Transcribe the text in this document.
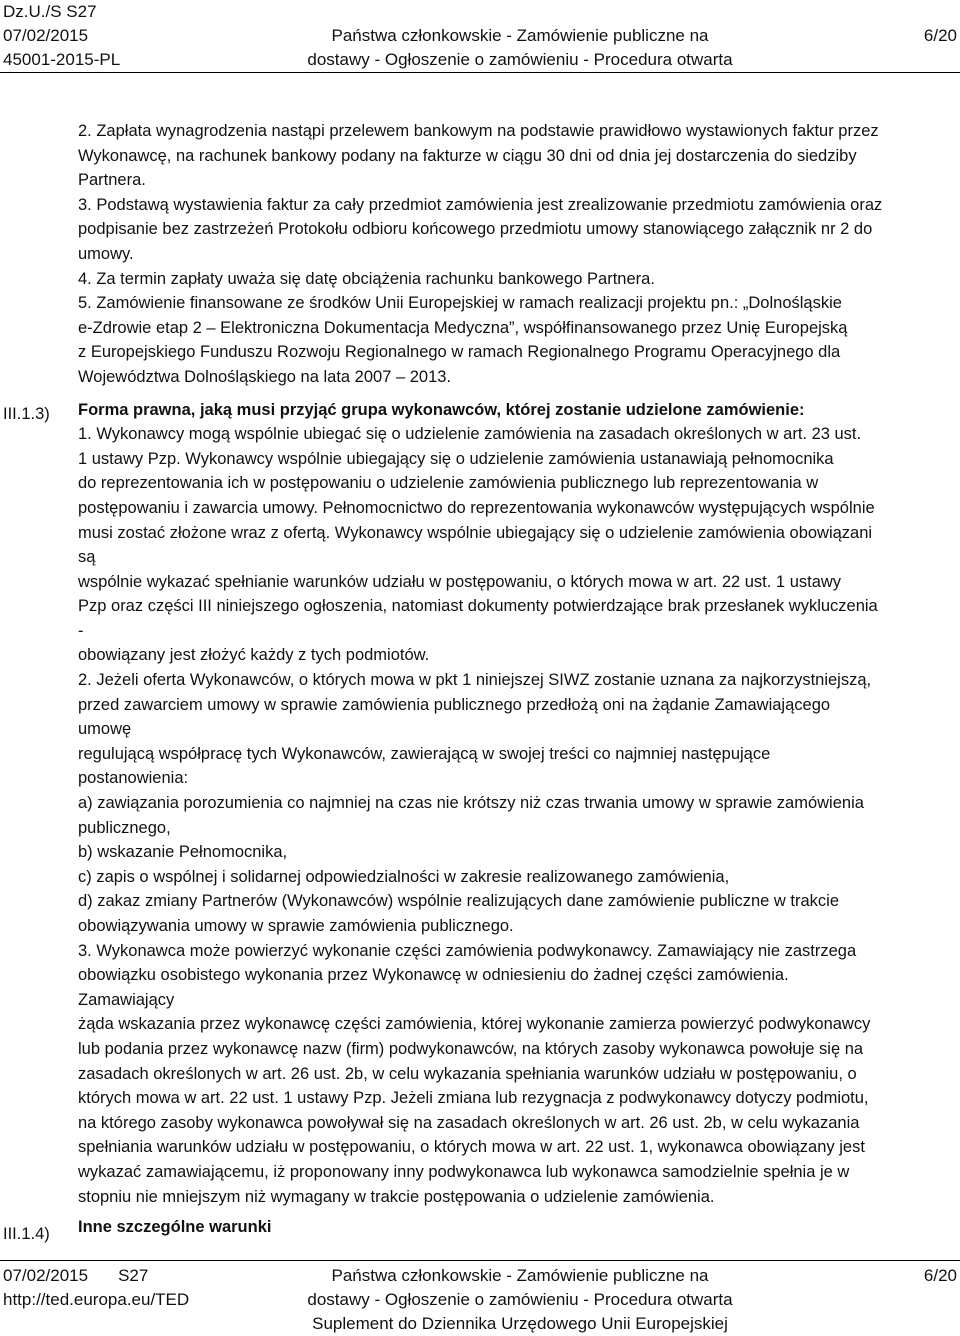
Dz.U./S S27
07/02/2015
45001-2015-PL
Państwa członkowskie - Zamówienie publiczne na
dostawy - Ogłoszenie o zamówieniu - Procedura otwarta
6/20
III.1.3)
III.1.4)

2. Zapłata wynagrodzenia nastąpi przelewem bankowym na podstawie prawidłowo wystawionych faktur przez

Wykonawcę, na rachunek bankowy podany na fakturze w ciągu 30 dni od dnia jej dostarczenia do siedziby

Partnera.

3. Podstawą wystawienia faktur za cały przedmiot zamówienia jest zrealizowanie przedmiotu zamówienia oraz

podpisanie bez zastrzeżeń Protokołu odbioru końcowego przedmiotu umowy stanowiącego załącznik nr 2 do

umowy.

4. Za termin zapłaty uważa się datę obciążenia rachunku bankowego Partnera.

5. Zamówienie finansowane ze środków Unii Europejskiej w ramach realizacji projektu pn.: „Dolnośląskie

e-Zdrowie etap 2 – Elektroniczna Dokumentacja Medyczna”, współfinansowanego przez Unię Europejską

z Europejskiego Funduszu Rozwoju Regionalnego w ramach Regionalnego Programu Operacyjnego dla

Województwa Dolnośląskiego na lata 2007 – 2013.

Forma prawna, jaką musi przyjąć grupa wykonawców, której zostanie udzielone zamówienie:

1. Wykonawcy mogą wspólnie ubiegać się o udzielenie zamówienia na zasadach określonych w art. 23 ust.

1 ustawy Pzp. Wykonawcy wspólnie ubiegający się o udzielenie zamówienia ustanawiają pełnomocnika

do reprezentowania ich w postępowaniu o udzielenie zamówienia publicznego lub reprezentowania w

postępowaniu i zawarcia umowy. Pełnomocnictwo do reprezentowania wykonawców występujących wspólnie

musi zostać złożone wraz z ofertą. Wykonawcy wspólnie ubiegający się o udzielenie zamówienia obowiązani

są

wspólnie wykazać spełnianie warunków udziału w postępowaniu, o których mowa w art. 22 ust. 1 ustawy

Pzp oraz części III niniejszego ogłoszenia, natomiast dokumenty potwierdzające brak przesłanek wykluczenia

-

obowiązany jest złożyć każdy z tych podmiotów.

2. Jeżeli oferta Wykonawców, o których mowa w pkt 1 niniejszej SIWZ zostanie uznana za najkorzystniejszą,

przed zawarciem umowy w sprawie zamówienia publicznego przedłożą oni na żądanie Zamawiającego

umowę

regulującą współpracę tych Wykonawców, zawierającą w swojej treści co najmniej następujące

postanowienia:

a) zawiązania porozumienia co najmniej na czas nie krótszy niż czas trwania umowy w sprawie zamówienia

publicznego,

b) wskazanie Pełnomocnika,

c) zapis o wspólnej i solidarnej odpowiedzialności w zakresie realizowanego zamówienia,

d) zakaz zmiany Partnerów (Wykonawców) wspólnie realizujących dane zamówienie publiczne w trakcie

obowiązywania umowy w sprawie zamówienia publicznego.

3. Wykonawca może powierzyć wykonanie części zamówienia podwykonawcy. Zamawiający nie zastrzega

obowiązku osobistego wykonania przez Wykonawcę w odniesieniu do żadnej części zamówienia.

Zamawiający

żąda wskazania przez wykonawcę części zamówienia, której wykonanie zamierza powierzyć podwykonawcy

lub podania przez wykonawcę nazw (firm) podwykonawców, na których zasoby wykonawca powołuje się na

zasadach określonych w art. 26 ust. 2b, w celu wykazania spełniania warunków udziału w postępowaniu, o

których mowa w art. 22 ust. 1 ustawy Pzp. Jeżeli zmiana lub rezygnacja z podwykonawcy dotyczy podmiotu,

na którego zasoby wykonawca powoływał się na zasadach określonych w art. 26 ust. 2b, w celu wykazania

spełniania warunków udziału w postępowaniu, o których mowa w art. 22 ust. 1, wykonawca obowiązany jest

wykazać zamawiającemu, iż proponowany inny podwykonawca lub wykonawca samodzielnie spełnia je w

stopniu nie mniejszym niż wymagany w trakcie postępowania o udzielenie zamówienia.

Inne szczególne warunki

07/02/2015 S27
http://ted.europa.eu/TED
Państwa członkowskie - Zamówienie publiczne na
dostawy - Ogłoszenie o zamówieniu - Procedura otwarta
Suplement do Dziennika Urzędowego Unii Europejskiej
6/20
